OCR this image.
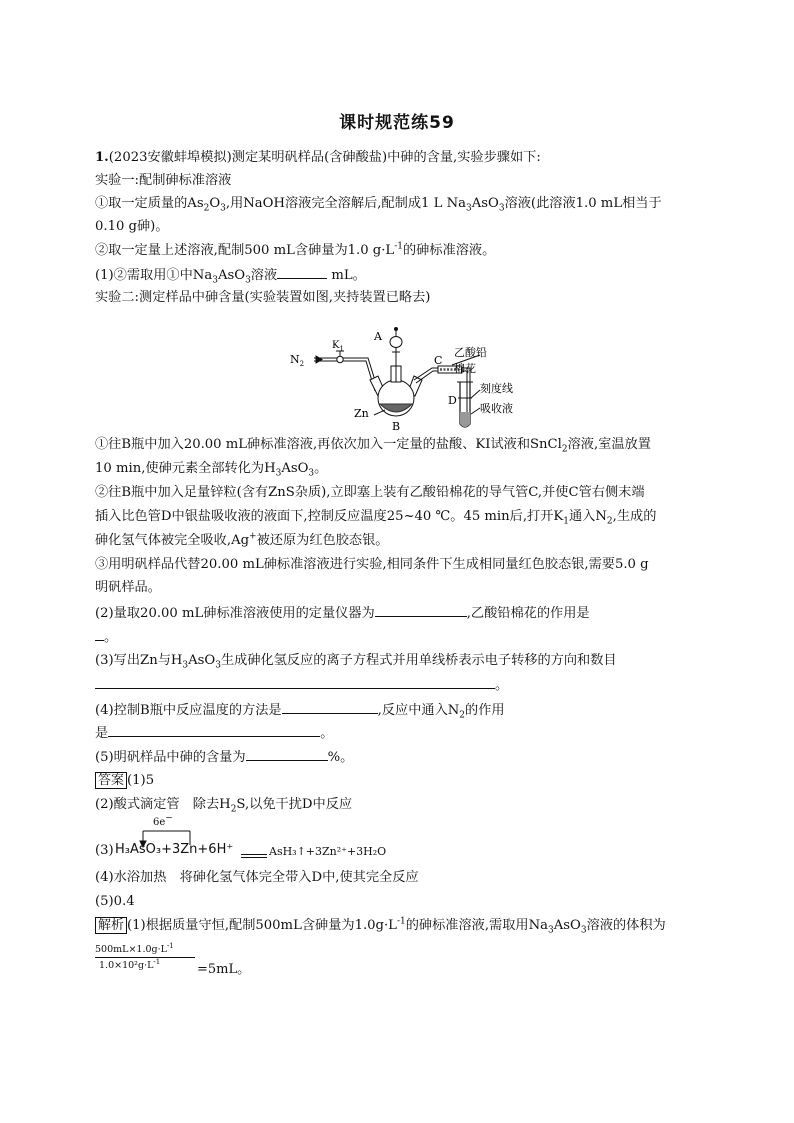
课时规范练59
1.(2023安徽蚌埠模拟)测定某明矾样品(含砷酸盐)中砷的含量,实验步骤如下:
实验一:配制砷标准溶液
①取一定质量的$As_2O_3$,用NaOH溶液完全溶解后,配制成1 L $Na_3AsO_3$溶液(此溶液1.0 mL相当于
0.10 g砷)。
②取一定量上述溶液,配制500 mL含砷量为1.0 $g\cdot L^{-1}$的砷标准溶液。
(1)②需取用①中$Na_3AsO_3$溶液	mL。
实验二:测定样品中砷含量(实验装置如图,夹持装置已略去)
$N_2$
$K_1$
A
B
C
D
Zn
乙酸铅
棉花
刻度线
吸收液
①往B瓶中加入20.00 mL砷标准溶液,再依次加入一定量的盐酸、KI试液和SnCl$_2$溶液,室温放置
10 min,使砷元素全部转化为$H_3AsO_3$。
②往B瓶中加入足量锌粒(含有ZnS杂质),立即塞上装有乙酸铅棉花的导气管C,并使C管右侧末端
插入比色管D中银盐吸收液的液面下,控制反应温度25~40 ℃。45 min后,打开$K_1$通入$N_2$,生成的
砷化氢气体被完全吸收,Ag+被还原为红色胶态银。
③用明矾样品代替20.00 mL砷标准溶液进行实验,相同条件下生成相同量红色胶态银,需要5.0 g
明矾样品。
(2)量取20.00 mL砷标准溶液使用的定量仪器为	,乙酸铅棉花的作用是
。
(3)写出Zn与$H_3AsO_3$生成砷化氢反应的离子方程式并用单线桥表示电子转移的方向和数目
。
(4)控制B瓶中反应温度的方法是	,反应中通入$N_2$的作用
是	。
(5)明矾样品中砷的含量为	%。
答案 (1)5
(2)酸式滴定管　除去$H_2S$,以免干扰D中反应
(3)
6e−
H₃AsO₃+3Zn+6H⁺	AsH₃↑+3Zn²⁺+3H₂O
(4)水浴加热　将砷化氢气体完全带入D中,使其完全反应
(5)0.4
解析 (1)根据质量守恒,配制500mL含砷量为$1.0g\cdot L^{-1}$的砷标准溶液,需取用$Na_3AsO_3$溶液的体积为
$500mL\times 1.0g\cdot L^{-1}$
$1.0\times 10^2g\cdot L^{-1}$
=5mL。
